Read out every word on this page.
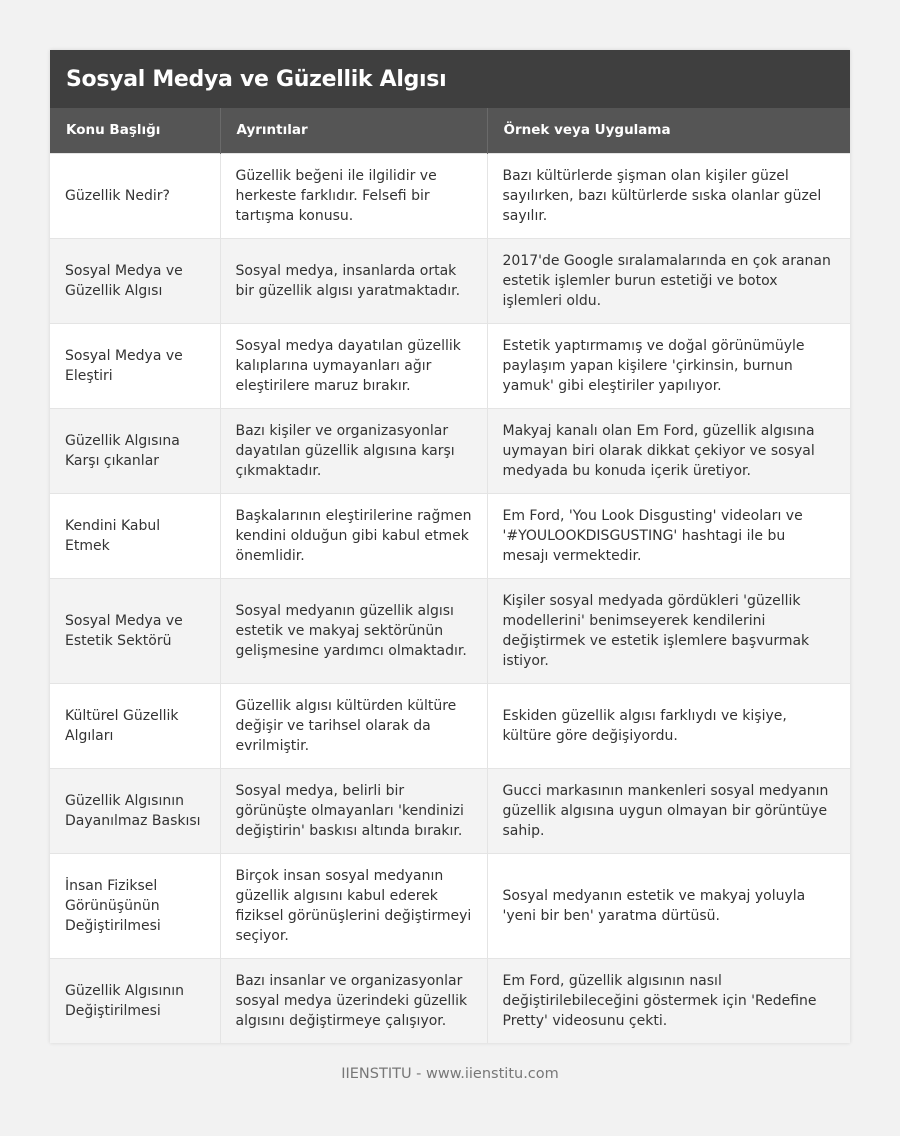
Sosyal Medya ve Güzellik Algısı
Konu Başlığı	Ayrıntılar	Örnek veya Uygulama
Güzellik Nedir?	Güzellik beğeni ile ilgilidir ve herkeste farklıdır. Felsefi bir tartışma konusu.	Bazı kültürlerde şişman olan kişiler güzel sayılırken, bazı kültürlerde sıska olanlar güzel sayılır.
Sosyal Medya ve Güzellik Algısı	Sosyal medya, insanlarda ortak bir güzellik algısı yaratmaktadır.	2017'de Google sıralamalarında en çok aranan estetik işlemler burun estetiği ve botox işlemleri oldu.
Sosyal Medya ve Eleştiri	Sosyal medya dayatılan güzellik kalıplarına uymayanları ağır eleştirilere maruz bırakır.	Estetik yaptırmamış ve doğal görünümüyle paylaşım yapan kişilere 'çirkinsin, burnun yamuk' gibi eleştiriler yapılıyor.
Güzellik Algısına Karşı çıkanlar	Bazı kişiler ve organizasyonlar dayatılan güzellik algısına karşı çıkmaktadır.	Makyaj kanalı olan Em Ford, güzellik algısına uymayan biri olarak dikkat çekiyor ve sosyal medyada bu konuda içerik üretiyor.
Kendini Kabul Etmek	Başkalarının eleştirilerine rağmen kendini olduğun gibi kabul etmek önemlidir.	Em Ford, 'You Look Disgusting' videoları ve '#YOULOOKDISGUSTING' hashtagi ile bu mesajı vermektedir.
Sosyal Medya ve Estetik Sektörü	Sosyal medyanın güzellik algısı estetik ve makyaj sektörünün gelişmesine yardımcı olmaktadır.	Kişiler sosyal medyada gördükleri 'güzellik modellerini' benimseyerek kendilerini değiştirmek ve estetik işlemlere başvurmak istiyor.
Kültürel Güzellik Algıları	Güzellik algısı kültürden kültüre değişir ve tarihsel olarak da evrilmiştir.	Eskiden güzellik algısı farklıydı ve kişiye, kültüre göre değişiyordu.
Güzellik Algısının Dayanılmaz Baskısı	Sosyal medya, belirli bir görünüşte olmayanları 'kendinizi değiştirin' baskısı altında bırakır.	Gucci markasının mankenleri sosyal medyanın güzellik algısına uygun olmayan bir görüntüye sahip.
İnsan Fiziksel Görünüşünün Değiştirilmesi	Birçok insan sosyal medyanın güzellik algısını kabul ederek fiziksel görünüşlerini değiştirmeyi seçiyor.	Sosyal medyanın estetik ve makyaj yoluyla 'yeni bir ben' yaratma dürtüsü.
Güzellik Algısının Değiştirilmesi	Bazı insanlar ve organizasyonlar sosyal medya üzerindeki güzellik algısını değiştirmeye çalışıyor.	Em Ford, güzellik algısının nasıl değiştirilebileceğini göstermek için 'Redefine Pretty' videosunu çekti.
IIENSTITU - www.iienstitu.com
